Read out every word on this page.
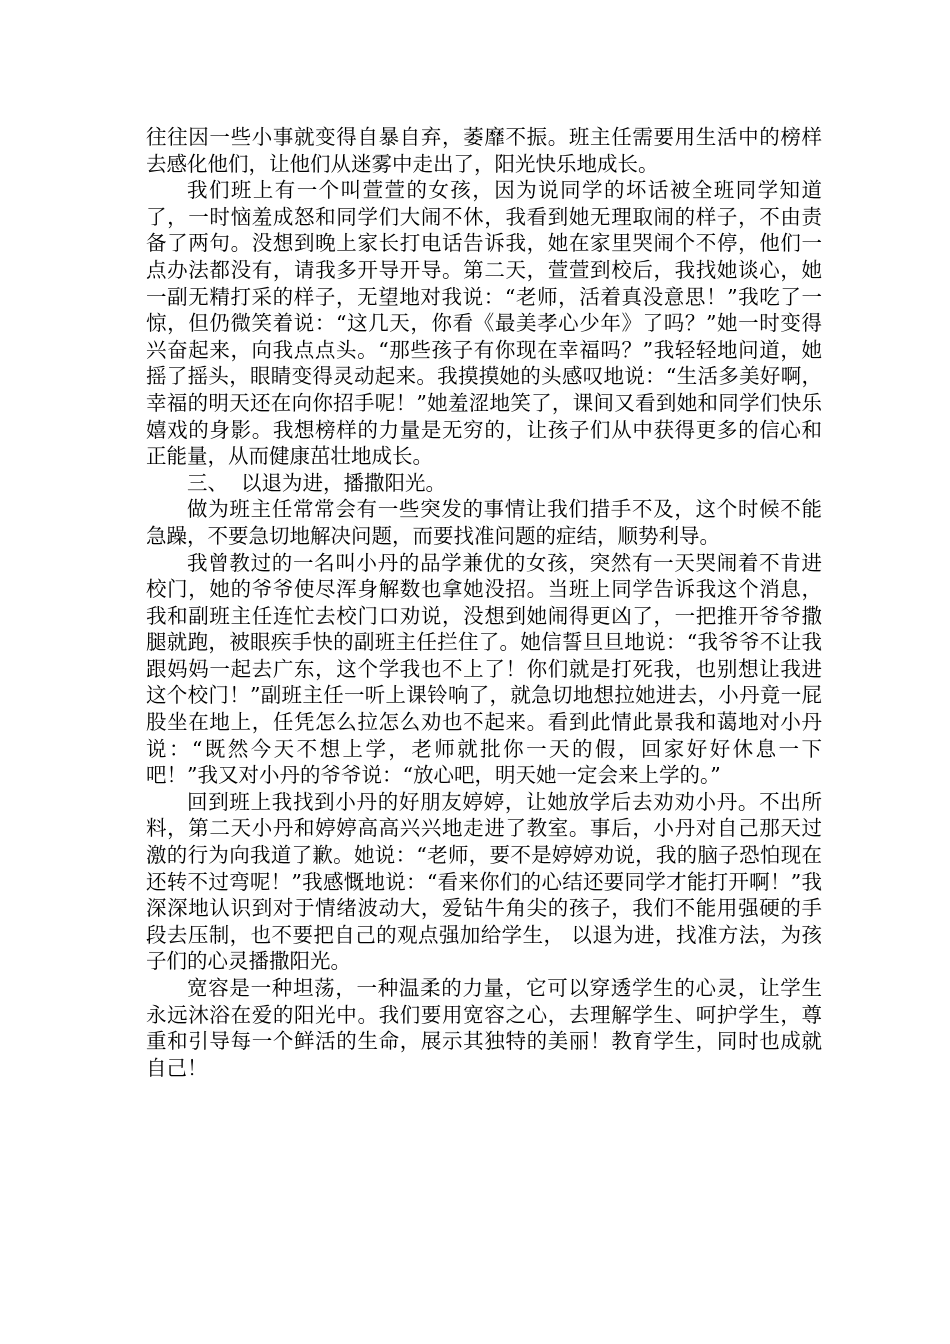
往往因一些小事就变得自暴自弃，萎靡不振。班主任需要用生活中的榜样去感化他们，让他们从迷雾中走出了，阳光快乐地成长。

我们班上有一个叫萱萱的女孩，因为说同学的坏话被全班同学知道了，一时恼羞成怒和同学们大闹不休，我看到她无理取闹的样子，不由责备了两句。没想到晚上家长打电话告诉我，她在家里哭闹个不停，他们一点办法都没有，请我多开导开导。第二天，萱萱到校后，我找她谈心，她一副无精打采的样子，无望地对我说：“老师，活着真没意思！”我吃了一惊，但仍微笑着说：“这几天，你看《最美孝心少年》了吗？”她一时变得兴奋起来，向我点点头。“那些孩子有你现在幸福吗？”我轻轻地问道，她摇了摇头，眼睛变得灵动起来。我摸摸她的头感叹地说：“生活多美好啊，幸福的明天还在向你招手呢！”她羞涩地笑了，课间又看到她和同学们快乐嬉戏的身影。我想榜样的力量是无穷的，让孩子们从中获得更多的信心和正能量，从而健康茁壮地成长。

三、  以退为进，播撒阳光。

做为班主任常常会有一些突发的事情让我们措手不及，这个时候不能急躁，不要急切地解决问题，而要找准问题的症结，顺势利导。

我曾教过的一名叫小丹的品学兼优的女孩，突然有一天哭闹着不肯进校门，她的爷爷使尽浑身解数也拿她没招。当班上同学告诉我这个消息，我和副班主任连忙去校门口劝说，没想到她闹得更凶了，一把推开爷爷撒腿就跑，被眼疾手快的副班主任拦住了。她信誓旦旦地说：“我爷爷不让我跟妈妈一起去广东，这个学我也不上了！你们就是打死我，也别想让我进这个校门！”副班主任一听上课铃响了，就急切地想拉她进去，小丹竟一屁股坐在地上，任凭怎么拉怎么劝也不起来。看到此情此景我和蔼地对小丹说：“既然今天不想上学，老师就批你一天的假，回家好好休息一下吧！”我又对小丹的爷爷说：“放心吧，明天她一定会来上学的。”

回到班上我找到小丹的好朋友婷婷，让她放学后去劝劝小丹。不出所料，第二天小丹和婷婷高高兴兴地走进了教室。事后，小丹对自己那天过激的行为向我道了歉。她说：“老师，要不是婷婷劝说，我的脑子恐怕现在还转不过弯呢！”我感慨地说：“看来你们的心结还要同学才能打开啊！”我深深地认识到对于情绪波动大，爱钻牛角尖的孩子，我们不能用强硬的手段去压制，也不要把自己的观点强加给学生， 以退为进，找准方法，为孩子们的心灵播撒阳光。

宽容是一种坦荡，一种温柔的力量，它可以穿透学生的心灵，让学生永远沐浴在爱的阳光中。我们要用宽容之心，去理解学生、呵护学生，尊重和引导每一个鲜活的生命，展示其独特的美丽！教育学生，同时也成就自己！
